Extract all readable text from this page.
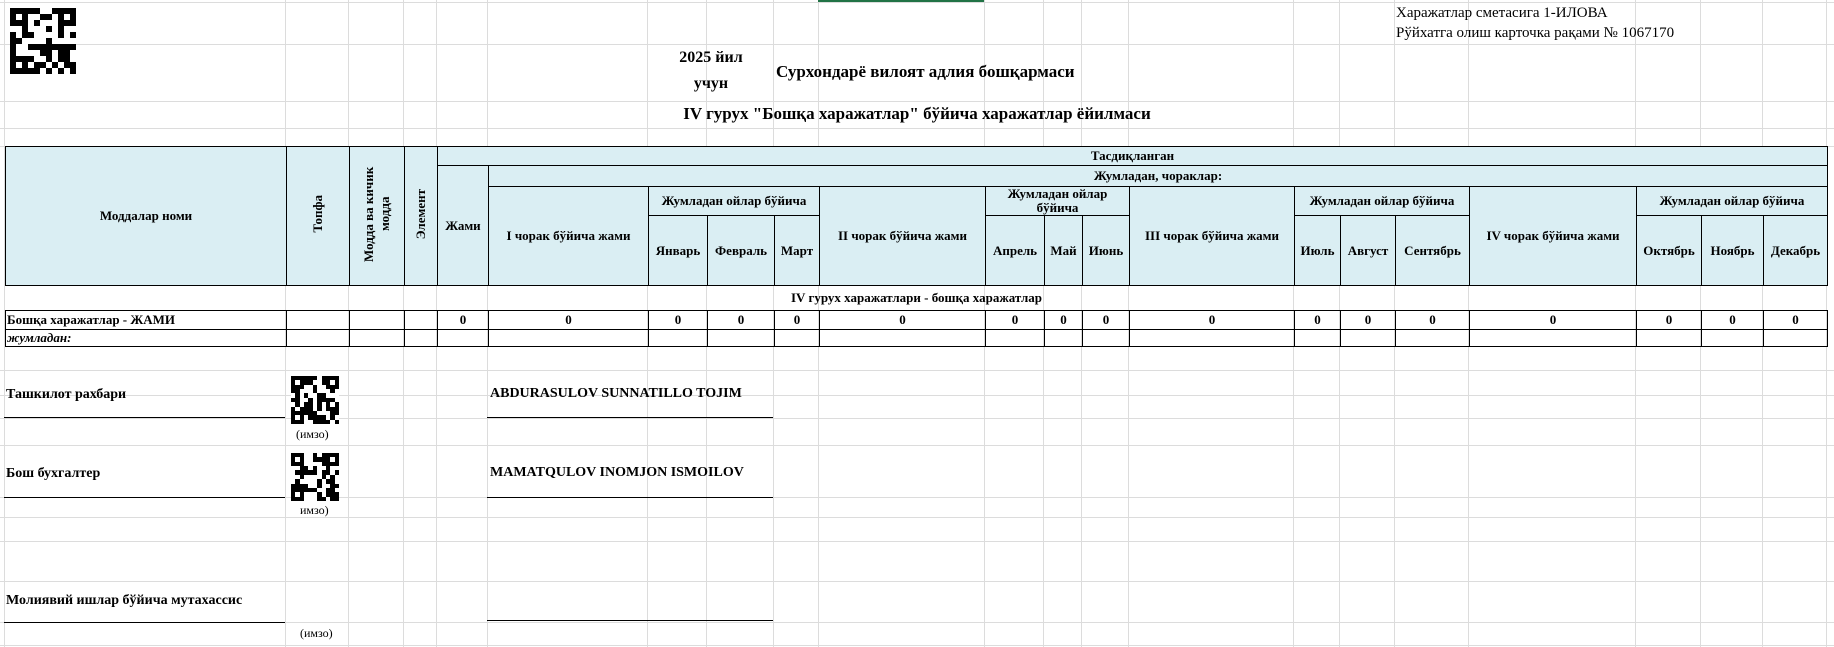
Харажатлар сметасига 1-ИЛОВА
Рўйхатга олиш карточка рақами № 1067170
2025 йил
учун
Сурхондарё вилоят адлия бошқармаси
IV гурух "Бошқа харажатлар" бўйича харажатлар ёйилмаси
Моддалар номи	Топфа	Модда ва кичик модда	Элемент	Тасдиқланган																
				Жами	Жумладан, чораклар:															
					I чорак бўйича жами	Жумладан ойлар бўйича			II чорак бўйича жами	Жумладан ойлар бўйича			III чорак бўйича жами	Жумладан ойлар бўйича			IV чорак бўйича жами	Жумладан ойлар бўйича		
						Январь	Февраль	Март		Апрель	Май	Июнь		Июль	Август	Сентябрь		Октябрь	Ноябрь	Декабрь
IV гурух харажатлари - бошқа харажатлар																				
Бошқа харажатлар - ЖАМИ				0	0	0	0	0	0	0	0	0	0	0	0	0	0	0	0	0
жумладан:																				
Ташкилот рахбари
(имзо)
ABDURASULOV SUNNATILLO TOJIM
Бош бухгалтер
имзо)
MAMATQULOV INOMJON ISMOILOV
Молиявий ишлар бўйича мутахассис
(имзо)
